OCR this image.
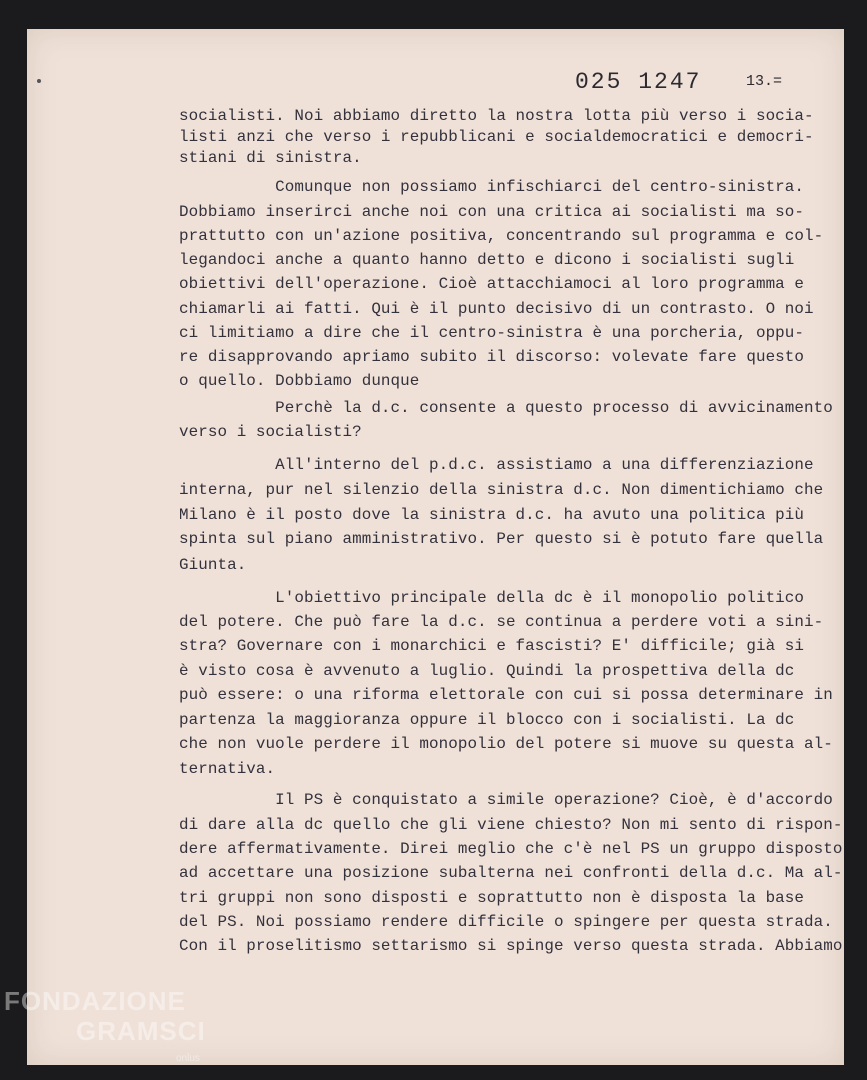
025 1247	13.=
socialisti. Noi abbiamo diretto la nostra lotta più verso i socia-
listi anzi che verso i repubblicani e socialdemocratici e democri-
stiani di sinistra.
Comunque non possiamo infischiarci del centro-sinistra.
Dobbiamo inserirci anche noi con una critica ai socialisti ma so-
prattutto con un'azione positiva, concentrando sul programma e col-
legandoci anche a quanto hanno detto e dicono i socialisti sugli
obiettivi dell'operazione. Cioè attacchiamoci al loro programma e
chiamarli ai fatti. Qui è il punto decisivo di un contrasto. O noi
ci limitiamo a dire che il centro-sinistra è una porcheria, oppu-
re disapprovando apriamo subito il discorso: volevate fare questo
o quello. Dobbiamo dunque
Perchè la d.c. consente a questo processo di avvicinamento
verso i socialisti?
All'interno del p.d.c. assistiamo a una differenziazione
interna, pur nel silenzio della sinistra d.c. Non dimentichiamo che
Milano è il posto dove la sinistra d.c. ha avuto una politica più
spinta sul piano amministrativo. Per questo si è potuto fare quella
Giunta.
L'obiettivo principale della dc è il monopolio politico
del potere. Che può fare la d.c. se continua a perdere voti a sini-
stra? Governare con i monarchici e fascisti? E' difficile; già si
è visto cosa è avvenuto a luglio. Quindi la prospettiva della dc
può essere: o una riforma elettorale con cui si possa determinare in
partenza la maggioranza oppure il blocco con i socialisti. La dc
che non vuole perdere il monopolio del potere si muove su questa al-
ternativa.
Il PS è conquistato a simile operazione? Cioè, è d'accordo
di dare alla dc quello che gli viene chiesto? Non mi sento di rispon-
dere affermativamente. Direi meglio che c'è nel PS un gruppo disposto
ad accettare una posizione subalterna nei confronti della d.c. Ma al-
tri gruppi non sono disposti e soprattutto non è disposta la base
del PS. Noi possiamo rendere difficile o spingere per questa strada.
Con il proselitismo settarismo si spinge verso questa strada. Abbiamo
FONDAZIONE
GRAMSCI
onlus
